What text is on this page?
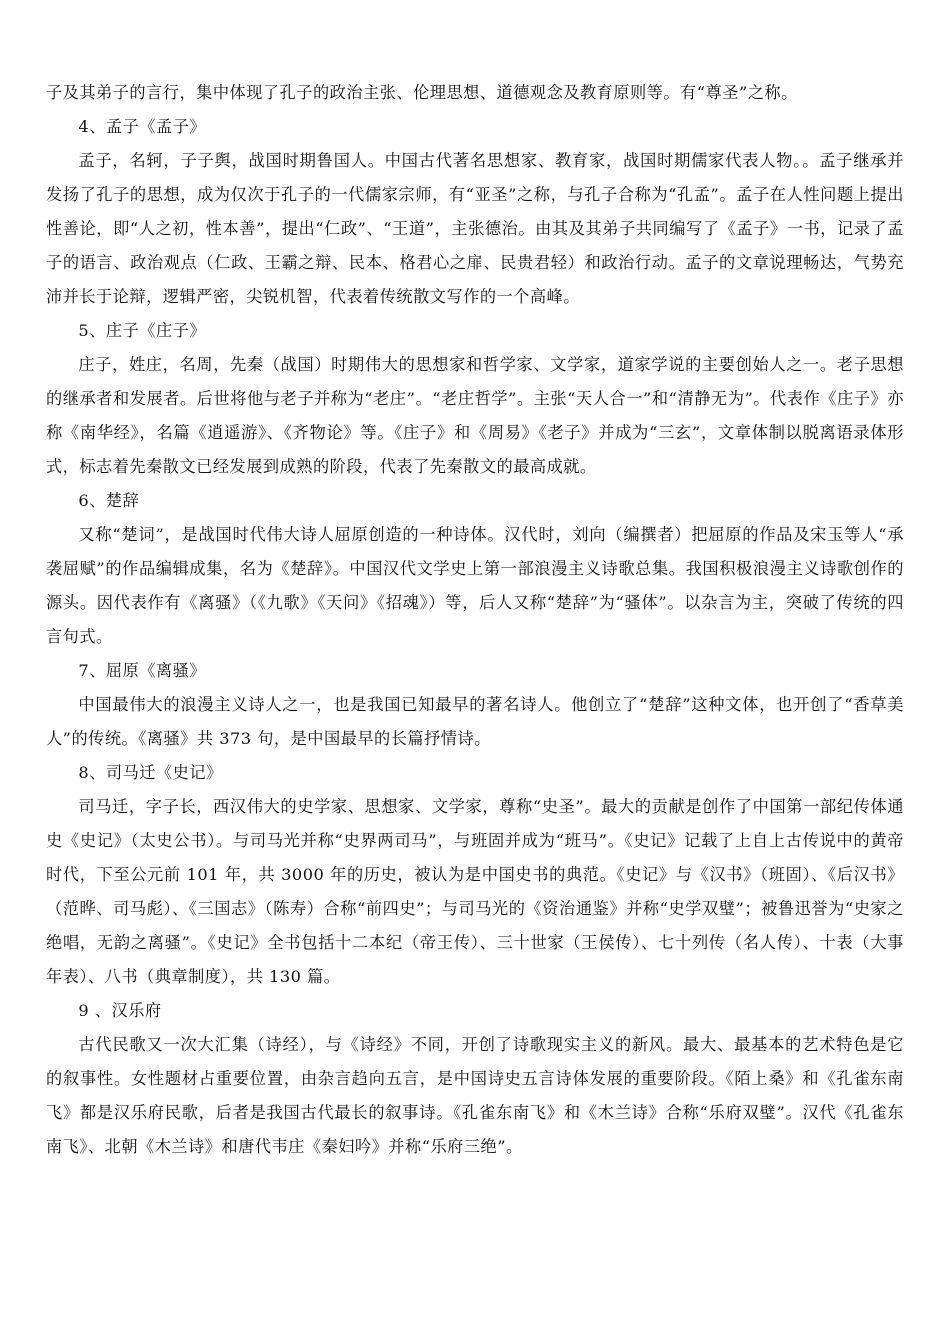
子及其弟子的言行，集中体现了孔子的政治主张、伦理思想、道德观念及教育原则等。有“尊圣”之称。

4、孟子《孟子》

孟子，名轲，子子舆，战国时期鲁国人。中国古代著名思想家、教育家，战国时期儒家代表人物。。孟子继承并发扬了孔子的思想，成为仅次于孔子的一代儒家宗师，有“亚圣”之称，与孔子合称为“孔孟”。孟子在人性问题上提出性善论，即“人之初，性本善”，提出“仁政”、“王道”，主张德治。由其及其弟子共同编写了《孟子》一书，记录了孟子的语言、政治观点（仁政、王霸之辩、民本、格君心之扉、民贵君轻）和政治行动。孟子的文章说理畅达，气势充沛并长于论辩，逻辑严密，尖锐机智，代表着传统散文写作的一个高峰。

5、庄子《庄子》

庄子，姓庄，名周，先秦（战国）时期伟大的思想家和哲学家、文学家，道家学说的主要创始人之一。老子思想的继承者和发展者。后世将他与老子并称为“老庄”。“老庄哲学”。主张“天人合一”和“清静无为”。代表作《庄子》亦称《南华经》，名篇《逍遥游》、《齐物论》等。《庄子》和《周易》《老子》并成为“三玄”，文章体制以脱离语录体形式，标志着先秦散文已经发展到成熟的阶段，代表了先秦散文的最高成就。

6、楚辞

又称“楚词”，是战国时代伟大诗人屈原创造的一种诗体。汉代时，刘向（编撰者）把屈原的作品及宋玉等人“承袭屈赋”的作品编辑成集，名为《楚辞》。中国汉代文学史上第一部浪漫主义诗歌总集。我国积极浪漫主义诗歌创作的源头。因代表作有《离骚》（《九歌》《天问》《招魂》）等，后人又称“楚辞”为“骚体”。以杂言为主，突破了传统的四言句式。

7、屈原《离骚》

中国最伟大的浪漫主义诗人之一，也是我国已知最早的著名诗人。他创立了“楚辞”这种文体，也开创了“香草美人”的传统。《离骚》共 373 句，是中国最早的长篇抒情诗。

8、司马迁《史记》

司马迁，字子长，西汉伟大的史学家、思想家、文学家，尊称“史圣”。最大的贡献是创作了中国第一部纪传体通史《史记》（太史公书）。与司马光并称“史界两司马”，与班固并成为“班马”。《史记》记载了上自上古传说中的黄帝时代，下至公元前 101 年，共 3000 年的历史，被认为是中国史书的典范。《史记》与《汉书》（班固）、《后汉书》（范晔、司马彪）、《三国志》（陈寿）合称“前四史”；与司马光的《资治通鉴》并称“史学双璧”；被鲁迅誉为“史家之绝唱，无韵之离骚”。《史记》全书包括十二本纪（帝王传）、三十世家（王侯传）、七十列传（名人传）、十表（大事年表）、八书（典章制度），共 130 篇。

9 、汉乐府

古代民歌又一次大汇集（诗经），与《诗经》不同，开创了诗歌现实主义的新风。最大、最基本的艺术特色是它的叙事性。女性题材占重要位置，由杂言趋向五言，是中国诗史五言诗体发展的重要阶段。《陌上桑》和《孔雀东南飞》都是汉乐府民歌，后者是我国古代最长的叙事诗。《孔雀东南飞》和《木兰诗》合称“乐府双璧”。汉代《孔雀东南飞》、北朝《木兰诗》和唐代韦庄《秦妇吟》并称“乐府三绝”。
